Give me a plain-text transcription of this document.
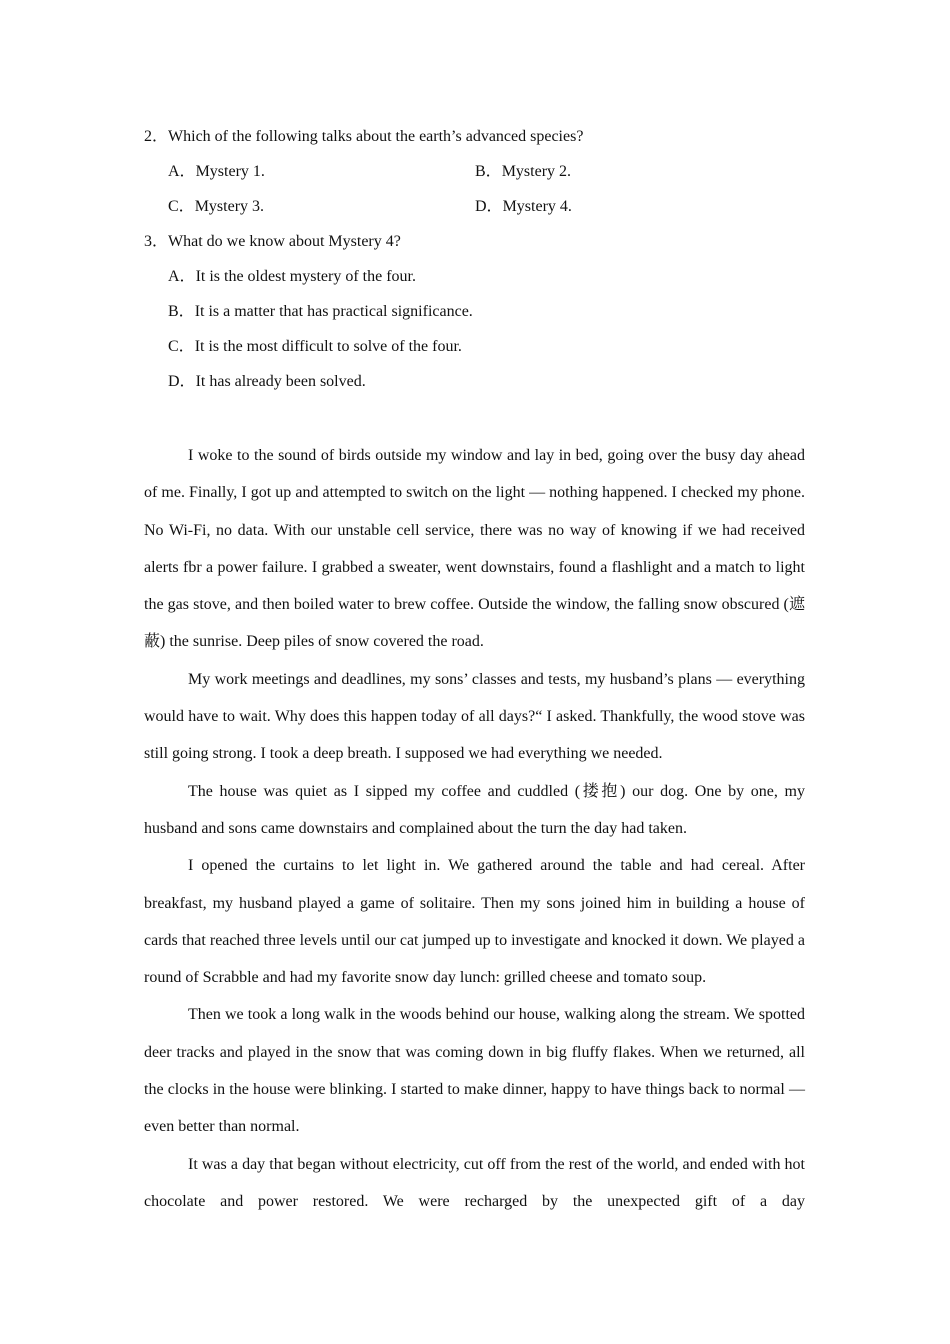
2．Which of the following talks about the earth’s advanced species?
A．Mystery 1.	B．Mystery 2.
C．Mystery 3.	D．Mystery 4.
3．What do we know about Mystery 4?
A．It is the oldest mystery of the four.
B．It is a matter that has practical significance.
C．It is the most difficult to solve of the four.
D．It has already been solved.

I woke to the sound of birds outside my window and lay in bed, going over the busy day ahead of me. Finally, I got up and attempted to switch on the light — nothing happened. I checked my phone. No Wi-Fi, no data. With our unstable cell service, there was no way of knowing if we had received alerts fbr a power failure. I grabbed a sweater, went downstairs, found a flashlight and a match to light the gas stove, and then boiled water to brew coffee. Outside the window, the falling snow obscured (遮蔽) the sunrise. Deep piles of snow covered the road.

My work meetings and deadlines, my sons’ classes and tests, my husband’s plans — everything would have to wait. Why does this happen today of all days?“ I asked. Thankfully, the wood stove was still going strong. I took a deep breath. I supposed we had everything we needed.

The house was quiet as I sipped my coffee and cuddled (搂抱) our dog. One by one, my husband and sons came downstairs and complained about the turn the day had taken.

I opened the curtains to let light in. We gathered around the table and had cereal. After breakfast, my husband played a game of solitaire. Then my sons joined him in building a house of cards that reached three levels until our cat jumped up to investigate and knocked it down. We played a round of Scrabble and had my favorite snow day lunch: grilled cheese and tomato soup.

Then we took a long walk in the woods behind our house, walking along the stream. We spotted deer tracks and played in the snow that was coming down in big fluffy flakes. When we returned, all the clocks in the house were blinking. I started to make dinner, happy to have things back to normal — even better than normal.

It was a day that began without electricity, cut off from the rest of the world, and ended with hot chocolate and power restored. We were recharged by the unexpected gift of a day
